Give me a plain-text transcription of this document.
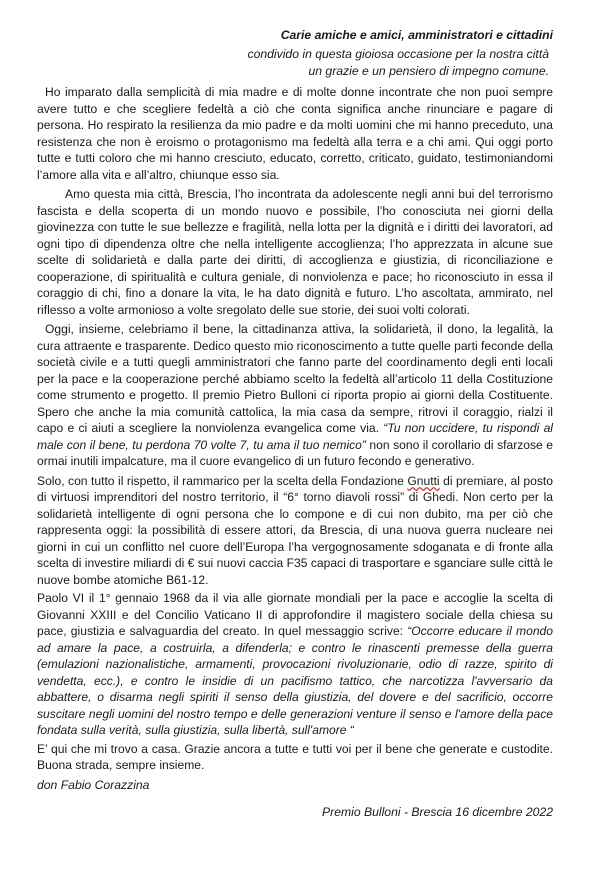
Carie amiche e amici, amministratori e cittadini
condivido in questa gioiosa occasione per la nostra città
un grazie e un pensiero di impegno comune.

Ho imparato dalla semplicità di mia madre e di molte donne incontrate che non puoi sempre avere tutto e che scegliere fedeltà a ciò che conta significa anche rinunciare e pagare di persona. Ho respirato la resilienza da mio padre e da molti uomini che mi hanno preceduto, una resistenza che non è eroismo o protagonismo ma fedeltà alla terra e a chi ami. Qui oggi porto tutte e tutti coloro che mi hanno cresciuto, educato, corretto, criticato, guidato, testimoniandomi l’amore alla vita e all’altro, chiunque esso sia.

Amo questa mia città, Brescia, l’ho incontrata da adolescente negli anni bui del terrorismo fascista e della scoperta di un mondo nuovo e possibile, l’ho conosciuta nei giorni della giovinezza con tutte le sue bellezze e fragilità, nella lotta per la dignità e i diritti dei lavoratori, ad ogni tipo di dipendenza oltre che nella intelligente accoglienza; l’ho apprezzata in alcune sue scelte di solidarietà e dalla parte dei diritti, di accoglienza e giustizia, di riconciliazione e cooperazione, di spiritualità e cultura geniale, di nonviolenza e pace; ho riconosciuto in essa il coraggio di chi, fino a donare la vita, le ha dato dignità e futuro. L’ho ascoltata, ammirato, nel riflesso a volte armonioso a volte sregolato delle sue storie, dei suoi volti colorati.

Oggi, insieme, celebriamo il bene, la cittadinanza attiva, la solidarietà, il dono, la legalità, la cura attraente e trasparente. Dedico questo mio riconoscimento a tutte quelle parti feconde della società civile e a tutti quegli amministratori che fanno parte del coordinamento degli enti locali per la pace e la cooperazione perché abbiamo scelto la fedeltà all’articolo 11 della Costituzione come strumento e progetto. Il premio Pietro Bulloni ci riporta propio ai giorni della Costituente. Spero che anche la mia comunità cattolica, la mia casa da sempre, ritrovi il coraggio, rialzi il capo e ci aiuti a scegliere la nonviolenza evangelica come via. “Tu non uccidere, tu rispondi al male con il bene, tu perdona 70 volte 7, tu ama il tuo nemico” non sono il corollario di sfarzose e ormai inutili impalcature, ma il cuore evangelico di un futuro fecondo e generativo.

Solo, con tutto il rispetto, il rammarico per la scelta della Fondazione Gnutti di premiare, al posto di virtuosi imprenditori del nostro territorio, il “6° torno diavoli rossi” di Ghedi. Non certo per la solidarietà intelligente di ogni persona che lo compone e di cui non dubito, ma per ciò che rappresenta oggi: la possibilità di essere attori, da Brescia, di una nuova guerra nucleare nei giorni in cui un conflitto nel cuore dell’Europa l’ha vergognosamente sdoganata e di fronte alla scelta di investire miliardi di € sui nuovi caccia F35 capaci di trasportare e sganciare sulle città le nuove bombe atomiche B61-12.

Paolo VI il 1° gennaio 1968 da il via alle giornate mondiali per la pace e accoglie la scelta di Giovanni XXIII e del Concilio Vaticano II di approfondire il magistero sociale della chiesa su pace, giustizia e salvaguardia del creato. In quel messaggio scrive: “Occorre educare il mondo ad amare la pace, a costruirla, a difenderla; e contro le rinascenti premesse della guerra (emulazioni nazionalistiche, armamenti, provocazioni rivoluzionarie, odio di razze, spirito di vendetta, ecc.), e contro le insidie di un pacifismo tattico, che narcotizza l'avversario da abbattere, o disarma negli spiriti il senso della giustizia, del dovere e del sacrificio, occorre suscitare negli uomini del nostro tempo e delle generazioni venture il senso e l'amore della pace fondata sulla verità, sulla giustizia, sulla libertà, sull'amore “

E’ qui che mi trovo a casa. Grazie ancora a tutte e tutti voi per il bene che generate e custodite. Buona strada, sempre insieme.

don Fabio Corazzina
Premio Bulloni - Brescia 16 dicembre 2022
